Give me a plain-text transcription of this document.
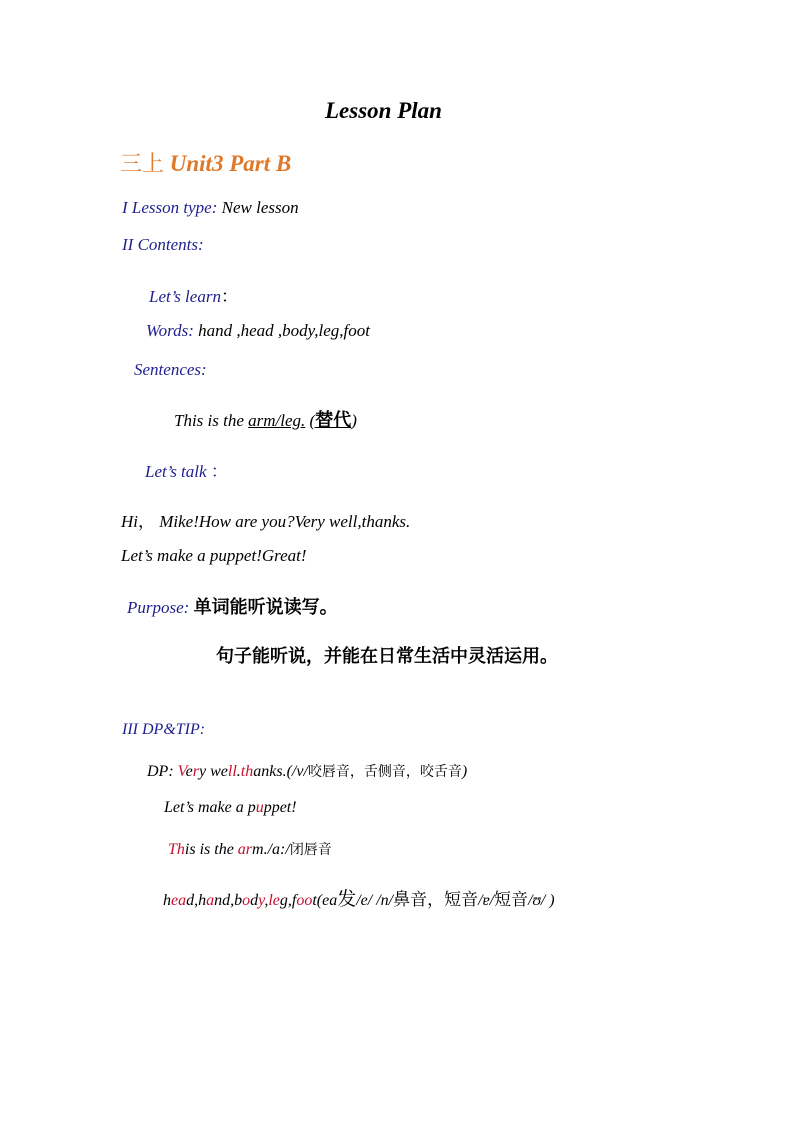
Lesson Plan
三上 Unit3 Part B
I Lesson type: New lesson
II Contents:
Let’s learn：
Words: hand ,head ,body,leg,foot
Sentences:
This is the arm/leg. (替代)
Let’s talk ：
Hi， Mike!How are you?Very well,thanks.
Let’s make a puppet!Great!
Purpose: 单词能听说读写。
句子能听说，并能在日常生活中灵活运用。
III DP&TIP:
DP: Very well.thanks.(/v/咬唇音，舌侧音，咬舌音)
Let’s make a puppet!
This is the arm./a:/闭唇音
head,hand,body,leg,foot(ea发/e/ /n/鼻音，短音/ɐ/短音/ʊ/ )
